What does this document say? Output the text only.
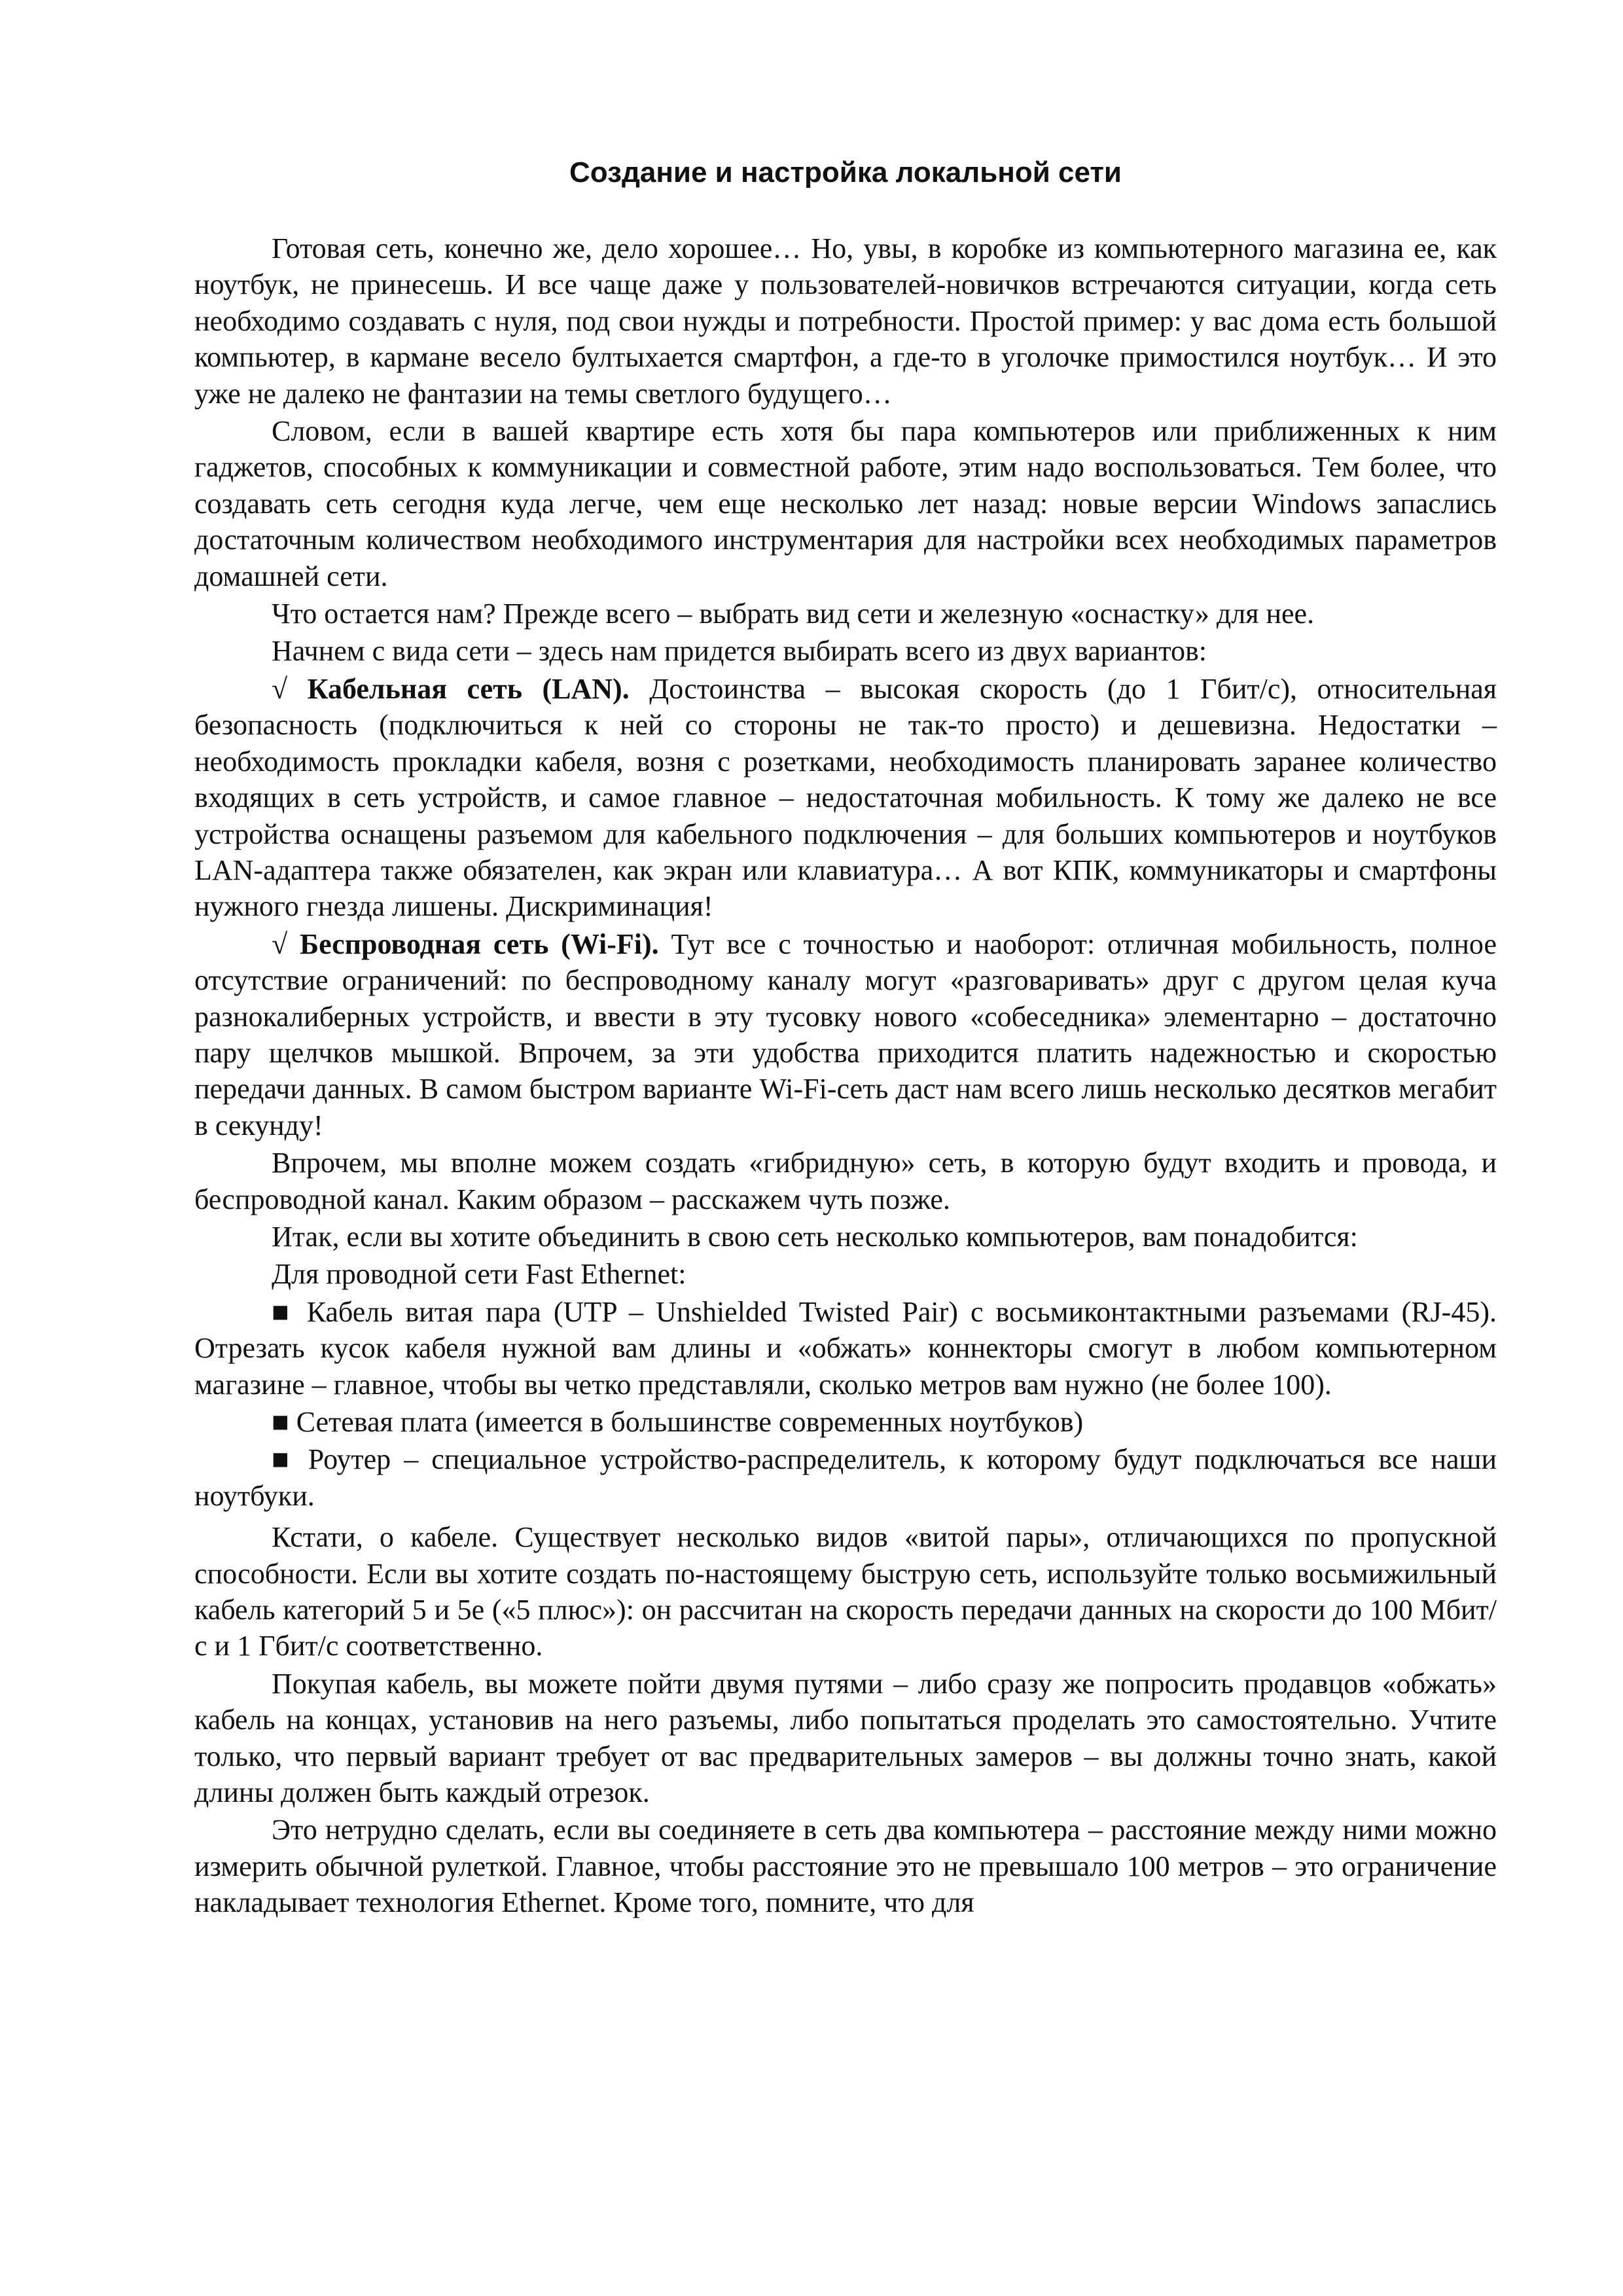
Создание и настройка локальной сети
Готовая сеть, конечно же, дело хорошее… Но, увы, в коробке из компьютерного магазина ее, как ноутбук, не принесешь. И все чаще даже у пользователей-новичков встречаются ситуации, когда сеть необходимо создавать с нуля, под свои нужды и потребности. Простой пример: у вас дома есть большой компьютер, в кармане весело бултыхается смартфон, а где-то в уголочке примостился ноутбук… И это уже не далеко не фантазии на темы светлого будущего…
Словом, если в вашей квартире есть хотя бы пара компьютеров или приближенных к ним гаджетов, способных к коммуникации и совместной работе, этим надо воспользоваться. Тем более, что создавать сеть сегодня куда легче, чем еще несколько лет назад: новые версии Windows запаслись достаточным количеством необходимого инструментария для настройки всех необходимых параметров домашней сети.
Что остается нам? Прежде всего – выбрать вид сети и железную «оснастку» для нее.
Начнем с вида сети – здесь нам придется выбирать всего из двух вариантов:
√ Кабельная сеть (LAN). Достоинства – высокая скорость (до 1 Гбит/с), относительная безопасность (подключиться к ней со стороны не так-то просто) и дешевизна. Недостатки – необходимость прокладки кабеля, возня с розетками, необходимость планировать заранее количество входящих в сеть устройств, и самое главное – недостаточная мобильность. К тому же далеко не все устройства оснащены разъемом для кабельного подключения – для больших компьютеров и ноутбуков LAN-адаптера также обязателен, как экран или клавиатура… А вот КПК, коммуникаторы и смартфоны нужного гнезда лишены. Дискриминация!
√ Беспроводная сеть (Wi-Fi). Тут все с точностью и наоборот: отличная мобильность, полное отсутствие ограничений: по беспроводному каналу могут «разговаривать» друг с другом целая куча разнокалиберных устройств, и ввести в эту тусовку нового «собеседника» элементарно – достаточно пару щелчков мышкой. Впрочем, за эти удобства приходится платить надежностью и скоростью передачи данных. В самом быстром варианте Wi-Fi-сеть даст нам всего лишь несколько десятков мегабит в секунду!
Впрочем, мы вполне можем создать «гибридную» сеть, в которую будут входить и провода, и беспроводной канал. Каким образом – расскажем чуть позже.
Итак, если вы хотите объединить в свою сеть несколько компьютеров, вам понадобится:
Для проводной сети Fast Ethernet:
■ Кабель витая пара (UTP – Unshielded Twisted Pair) с восьмиконтактными разъемами (RJ-45). Отрезать кусок кабеля нужной вам длины и «обжать» коннекторы смогут в любом компьютерном магазине – главное, чтобы вы четко представляли, сколько метров вам нужно (не более 100).
■ Сетевая плата (имеется в большинстве современных ноутбуков)
■ Роутер – специальное устройство-распределитель, к которому будут подключаться все наши ноутбуки.
Кстати, о кабеле. Существует несколько видов «витой пары», отличающихся по пропускной способности. Если вы хотите создать по-настоящему быструю сеть, используйте только восьмижильный кабель категорий 5 и 5е («5 плюс»): он рассчитан на скорость передачи данных на скорости до 100 Мбит/с и 1 Гбит/с соответственно.
Покупая кабель, вы можете пойти двумя путями – либо сразу же попросить продавцов «обжать» кабель на концах, установив на него разъемы, либо попытаться проделать это самостоятельно. Учтите только, что первый вариант требует от вас предварительных замеров – вы должны точно знать, какой длины должен быть каждый отрезок.
Это нетрудно сделать, если вы соединяете в сеть два компьютера – расстояние между ними можно измерить обычной рулеткой. Главное, чтобы расстояние это не превышало 100 метров – это ограничение накладывает технология Ethernet. Кроме того, помните, что для
